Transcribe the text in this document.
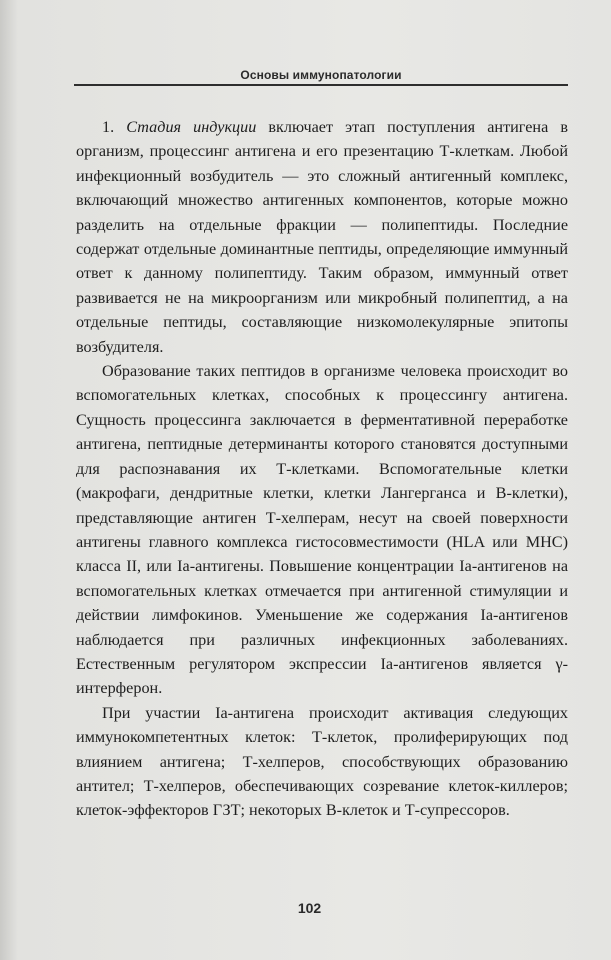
Основы иммунопатологии

1. Стадия индукции включает этап поступления антигена в организм, процессинг антигена и его презентацию Т-клеткам. Любой инфекционный возбудитель — это сложный антигенный комплекс, включающий множество антигенных компонентов, которые можно разделить на отдельные фракции — полипептиды. Последние содержат отдельные доминантные пептиды, определяющие иммунный ответ к данному полипептиду. Таким образом, иммунный ответ развивается не на микроорганизм или микробный полипептид, а на отдельные пептиды, составляющие низкомолекулярные эпитопы возбудителя.

Образование таких пептидов в организме человека происходит во вспомогательных клетках, способных к процессингу антигена. Сущность процессинга заключается в ферментативной переработке антигена, пептидные детерминанты которого становятся доступными для распознавания их Т-клетками. Вспомогательные клетки (макрофаги, дендритные клетки, клетки Лангерганса и В-клетки), представляющие антиген Т-хелперам, несут на своей поверхности антигены главного комплекса гистосовместимости (HLA или МНС) класса II, или Ia-антигены. Повышение концентрации Ia-антигенов на вспомогательных клетках отмечается при антигенной стимуляции и действии лимфокинов. Уменьшение же содержания Ia-антигенов наблюдается при различных инфекционных заболеваниях. Естественным регулятором экспрессии Ia-антигенов является γ-интерферон.

При участии Ia-антигена происходит активация следующих иммунокомпетентных клеток: Т-клеток, пролиферирующих под влиянием антигена; Т-хелперов, способствующих образованию антител; Т-хелперов, обеспечивающих созревание клеток-киллеров; клеток-эффекторов ГЗТ; некоторых В-клеток и Т-супрессоров.

102
